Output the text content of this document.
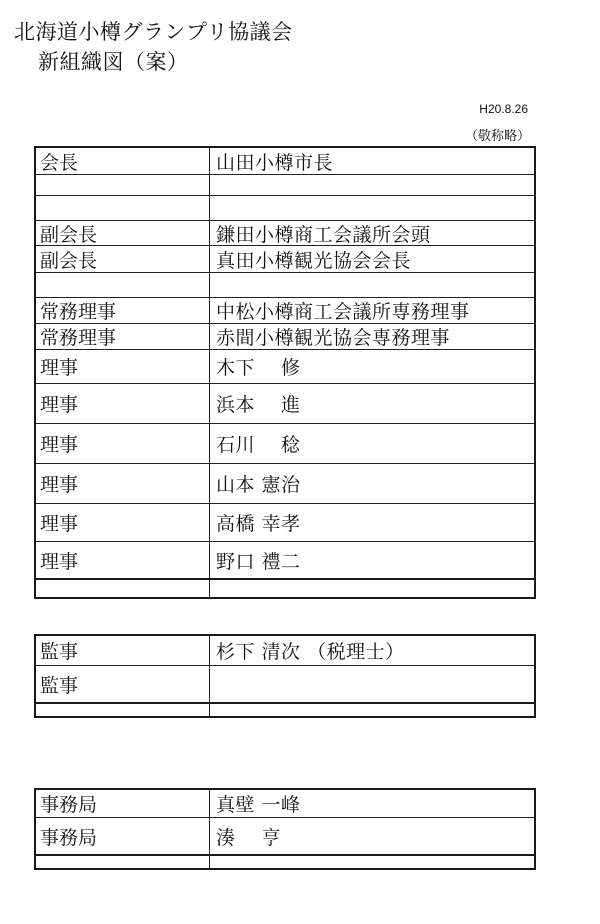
北海道小樽グランプリ協議会
新組織図（案）
H20.8.26
（敬称略）
会長	山田小樽市長
副会長	鎌田小樽商工会議所会頭
副会長	真田小樽観光協会会長
常務理事	中松小樽商工会議所専務理事
常務理事	赤間小樽観光協会専務理事
理事	木下　 修
理事	浜本　 進
理事	石川　 稔
理事	山本 憲治
理事	高橋 幸孝
理事	野口 禮二
監事	杉下 清次 （税理士）
監事
事務局	真壁 一峰
事務局	湊　 亨
